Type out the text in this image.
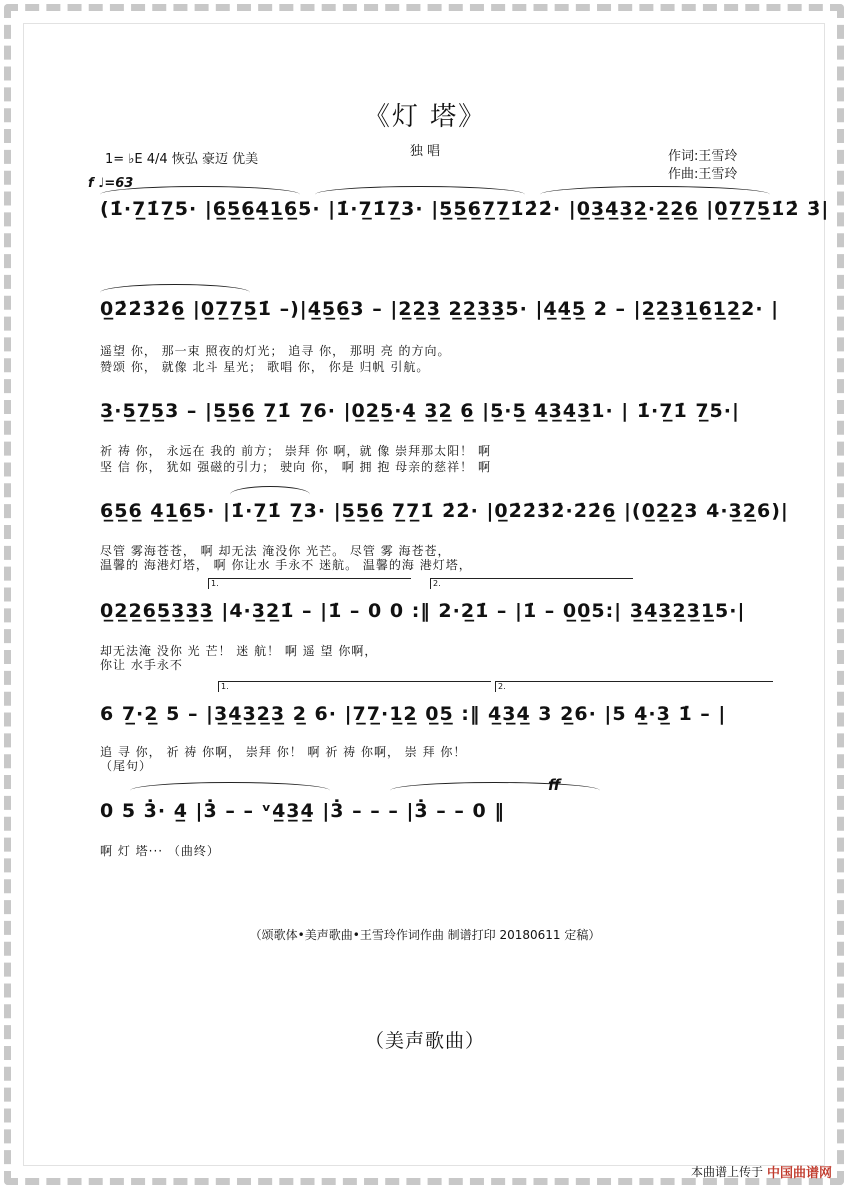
《灯 塔》
独 唱
1= ♭E 4/4 恢弘 豪迈 优美
f ♩=63
作词:王雪玲
作曲:王雪玲
(1̇·7̲1̇7̲5· |6̲5̲6̲4̲1̲6̲5· |1̇·7̲1̇7̲3· |5̲5̲6̲7̲7̲1̇2̇2̇· |0̲3̲4̲3̲2̲·2̲2̲6̲ |0̲7̲7̲5̲1̇2̇ 3̇|
0̲2̇2̇3̇2̇6̲ |0̲7̲7̲5̲1̇ –)|4̲5̲6̲3 – |2̲2̲3̲ 2̲2̲3̲3̲5· |4̲4̲5̲ 2 – |2̲2̲3̲1̲6̲1̲2̲2· |
遥望 你， 那一束 照夜的灯光； 追寻 你， 那明 亮 的方向。
赞颂 你， 就像 北斗 星光； 歌唱 你， 你是 归帆 引航。
3̲·5̲7̲5̲3 – |5̲5̲6̲ 7̲1̇ 7̲6· |0̲2̲5̲·4̲ 3̲2̲ 6̲ |5̲·5̲ 4̲3̲4̲3̲1· | 1̇·7̲1̇ 7̲5·|
祈 祷 你， 永远在 我的 前方； 崇拜 你 啊，就 像 崇拜那太阳！ 啊
坚 信 你， 犹如 强磁的引力； 驶向 你， 啊 拥 抱 母亲的慈祥！ 啊
6̲5̲6̲ 4̲1̲6̲5· |1̇·7̲1̇ 7̲3· |5̲5̲6̲ 7̲7̲1̇ 2̇2̇· |0̲2̇2̇3̇2̇·2̇2̇6̲ |(0̲2̲2̲3 4·3̲2̲6)|
尽管 雾海苍苍， 啊 却无法 淹没你 光芒。 尽管 雾 海苍苍，
温馨的 海港灯塔， 啊 你让水 手永不 迷航。 温馨的海 港灯塔，
1.	2.
0̲2̲2̲6̲5̲3̲3̲3̲ |4·3̲2̲1̇ – |1̇ – 0 0 :‖ 2·2̲1̇ – |1̇ – 0̲0̲5:| 3̲4̲3̲2̲3̲1̲5·|
却无法淹 没你 光 芒！ 迷 航！ 啊 遥 望 你啊，
你让 水手永不
1.	2.
6 7̲·2̲ 5 – |3̲4̲3̲2̲3̲ 2̲ 6· |7̲7̲·1̲2̲ 0̲5̲ :‖ 4̲3̲4̲ 3 2̲6· |5 4̲·3̲ 1̇ – |
追 寻 你， 祈 祷 你啊， 崇拜 你！ 啊 祈 祷 你啊， 崇 拜 你！
（尾句）
ff
0 5 3̇· 4̲ |3̇ – – ᵛ4̲3̲4̲ |3̇ – – – |3̇ – – 0 ‖
啊 灯 塔··· （曲终）
（颂歌体•美声歌曲•王雪玲作词作曲 制谱打印 20180611 定稿）
（美声歌曲）
本曲谱上传于 中国曲谱网
